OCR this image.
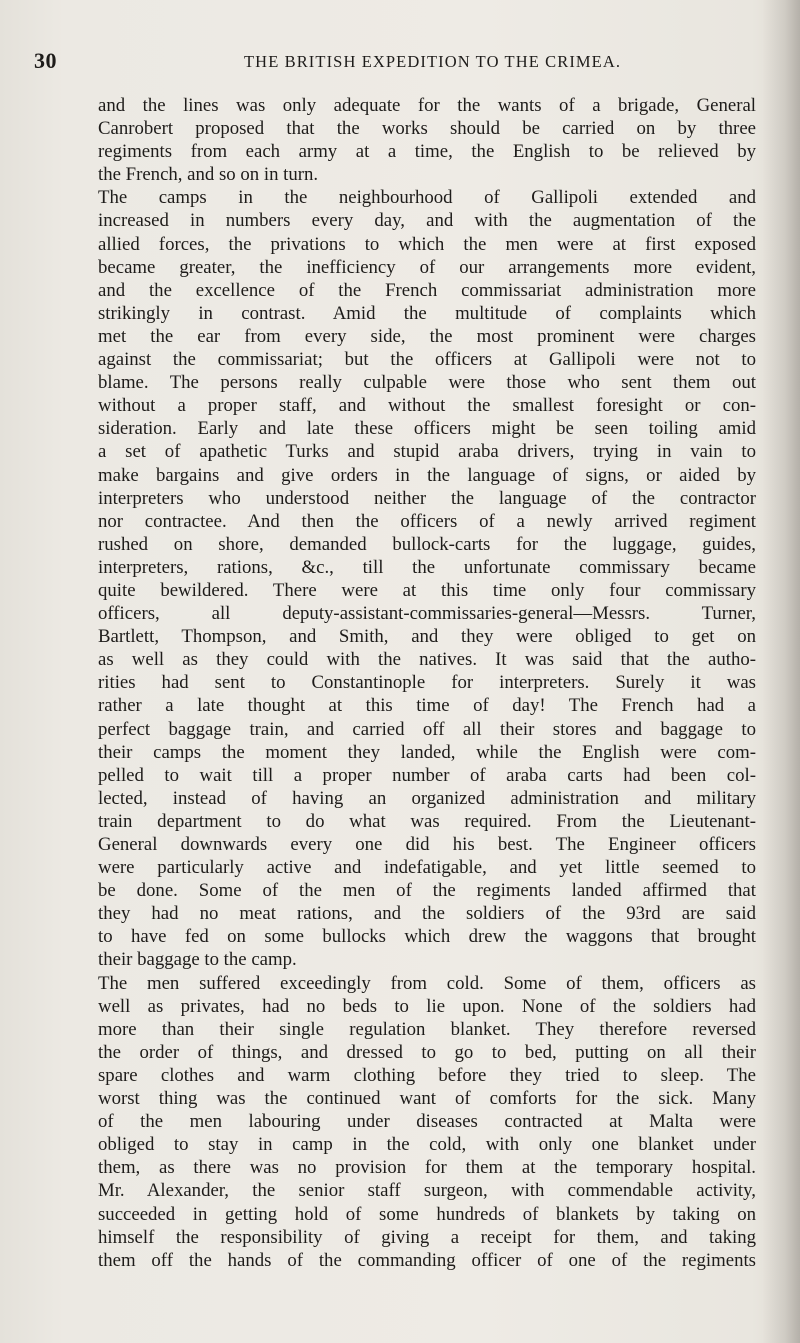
30	THE BRITISH EXPEDITION TO THE CRIMEA.
and the lines was only adequate for the wants of a brigade, General
Canrobert proposed that the works should be carried on by three
regiments from each army at a time, the English to be relieved by
the French, and so on in turn.
The camps in the neighbourhood of Gallipoli extended and
increased in numbers every day, and with the augmentation of the
allied forces, the privations to which the men were at first exposed
became greater, the inefficiency of our arrangements more evident,
and the excellence of the French commissariat administration more
strikingly in contrast. Amid the multitude of complaints which
met the ear from every side, the most prominent were charges
against the commissariat; but the officers at Gallipoli were not to
blame. The persons really culpable were those who sent them out
without a proper staff, and without the smallest foresight or con-
sideration. Early and late these officers might be seen toiling amid
a set of apathetic Turks and stupid araba drivers, trying in vain to
make bargains and give orders in the language of signs, or aided by
interpreters who understood neither the language of the contractor
nor contractee. And then the officers of a newly arrived regiment
rushed on shore, demanded bullock-carts for the luggage, guides,
interpreters, rations, &c., till the unfortunate commissary became
quite bewildered. There were at this time only four commissary
officers, all deputy-assistant-commissaries-general—Messrs. Turner,
Bartlett, Thompson, and Smith, and they were obliged to get on
as well as they could with the natives. It was said that the autho-
rities had sent to Constantinople for interpreters. Surely it was
rather a late thought at this time of day! The French had a
perfect baggage train, and carried off all their stores and baggage to
their camps the moment they landed, while the English were com-
pelled to wait till a proper number of araba carts had been col-
lected, instead of having an organized administration and military
train department to do what was required. From the Lieutenant-
General downwards every one did his best. The Engineer officers
were particularly active and indefatigable, and yet little seemed to
be done. Some of the men of the regiments landed affirmed that
they had no meat rations, and the soldiers of the 93rd are said
to have fed on some bullocks which drew the waggons that brought
their baggage to the camp.
The men suffered exceedingly from cold. Some of them, officers as
well as privates, had no beds to lie upon. None of the soldiers had
more than their single regulation blanket. They therefore reversed
the order of things, and dressed to go to bed, putting on all their
spare clothes and warm clothing before they tried to sleep. The
worst thing was the continued want of comforts for the sick. Many
of the men labouring under diseases contracted at Malta were
obliged to stay in camp in the cold, with only one blanket under
them, as there was no provision for them at the temporary hospital.
Mr. Alexander, the senior staff surgeon, with commendable activity,
succeeded in getting hold of some hundreds of blankets by taking on
himself the responsibility of giving a receipt for them, and taking
them off the hands of the commanding officer of one of the regiments
